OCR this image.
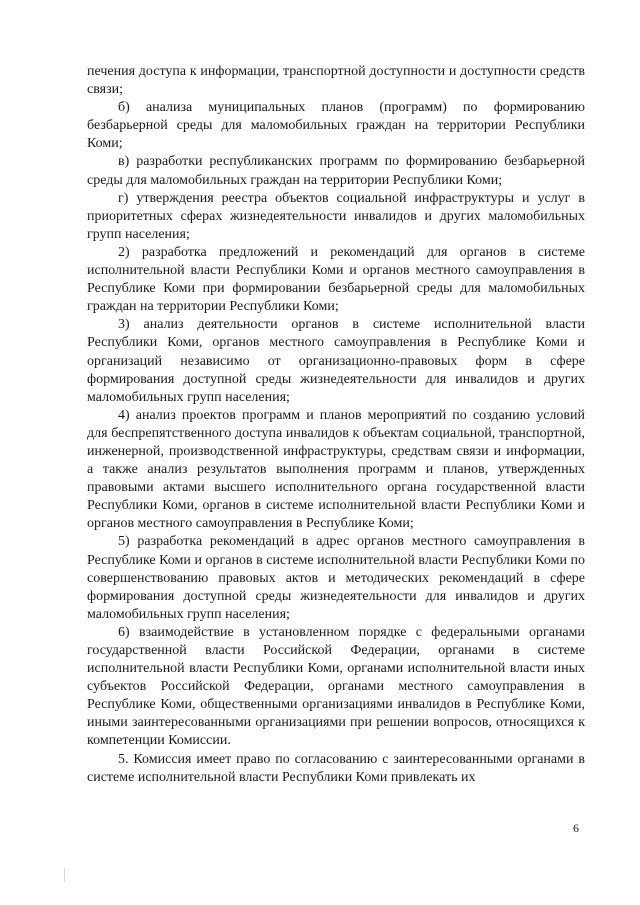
печения доступа к информации, транспортной доступности и доступности средств связи;

б) анализа муниципальных планов (программ) по формированию безбарьерной среды для маломобильных граждан на территории Республики Коми;

в) разработки республиканских программ по формированию безбарьерной среды для маломобильных граждан на территории Республики Коми;

г) утверждения реестра объектов социальной инфраструктуры и услуг в приоритетных сферах жизнедеятельности инвалидов и других маломобильных групп населения;

2) разработка предложений и рекомендаций для органов в системе исполнительной власти Республики Коми и органов местного самоуправления в Республике Коми при формировании безбарьерной среды для маломобильных граждан на территории Республики Коми;

3) анализ деятельности органов в системе исполнительной власти Республики Коми, органов местного самоуправления в Республике Коми и организаций независимо от организационно-правовых форм в сфере формирования доступной среды жизнедеятельности для инвалидов и других маломобильных групп населения;

4) анализ проектов программ и планов мероприятий по созданию условий для беспрепятственного доступа инвалидов к объектам социальной, транспортной, инженерной, производственной инфраструктуры, средствам связи и информации, а также анализ результатов выполнения программ и планов, утвержденных правовыми актами высшего исполнительного органа государственной власти Республики Коми, органов в системе исполнительной власти Республики Коми и органов местного самоуправления в Республике Коми;

5) разработка рекомендаций в адрес органов местного самоуправления в Республике Коми и органов в системе исполнительной власти Республики Коми по совершенствованию правовых актов и методических рекомендаций в сфере формирования доступной среды жизнедеятельности для инвалидов и других маломобильных групп населения;

6) взаимодействие в установленном порядке с федеральными органами государственной власти Российской Федерации, органами в системе исполнительной власти Республики Коми, органами исполнительной власти иных субъектов Российской Федерации, органами местного самоуправления в Республике Коми, общественными организациями инвалидов в Республике Коми, иными заинтересованными организациями при решении вопросов, относящихся к компетенции Комиссии.

5. Комиссия имеет право по согласованию с заинтересованными органами в системе исполнительной власти Республики Коми привлекать их

6
